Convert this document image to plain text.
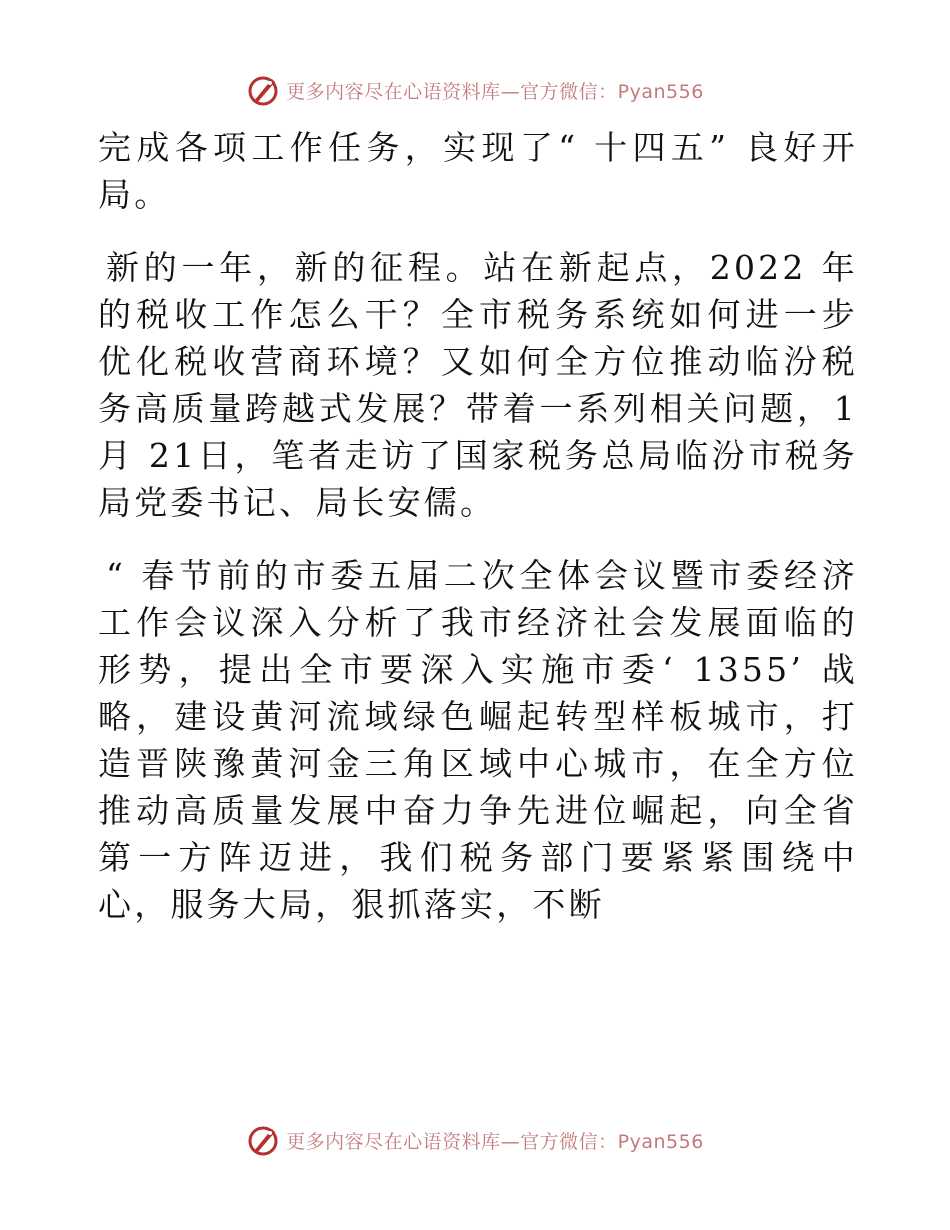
更多内容尽在心语资料库—官方微信：Pyan556

完成各项工作任务，实现了“ 十四五” 良好开局。

新的一年，新的征程。站在新起点，2022 年的税收工作怎么干？全市税务系统如何进一步优化税收营商环境？又如何全方位推动临汾税务高质量跨越式发展？带着一系列相关问题，1 月 21日，笔者走访了国家税务总局临汾市税务局党委书记、局长安儒。

“ 春节前的市委五届二次全体会议暨市委经济工作会议深入分析了我市经济社会发展面临的形势，提出全市要深入实施市委‘ 1355’ 战略，建设黄河流域绿色崛起转型样板城市，打造晋陕豫黄河金三角区域中心城市，在全方位推动高质量发展中奋力争先进位崛起，向全省第一方阵迈进，我们税务部门要紧紧围绕中心，服务大局，狠抓落实，不断

更多内容尽在心语资料库—官方微信：Pyan556
